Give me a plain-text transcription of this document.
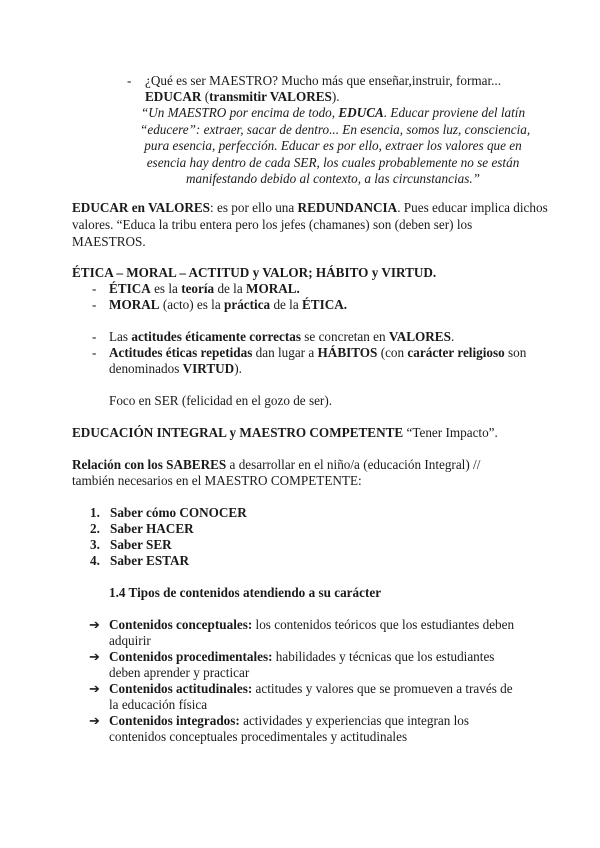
- ¿Qué es ser MAESTRO? Mucho más que enseñar,instruir, formar...
EDUCAR (transmitir VALORES).
“Un MAESTRO por encima de todo, EDUCA. Educar proviene del latín
“educere”: extraer, sacar de dentro... En esencia, somos luz, consciencia,
pura esencia, perfección. Educar es por ello, extraer los valores que en
esencia hay dentro de cada SER, los cuales probablemente no se están
manifestando debido al contexto, a las circunstancias.”
EDUCAR en VALORES: es por ello una REDUNDANCIA. Pues educar implica dichos
valores. “Educa la tribu entera pero los jefes (chamanes) son (deben ser) los
MAESTROS.
ÉTICA – MORAL – ACTITUD y VALOR; HÁBITO y VIRTUD.
- ÉTICA es la teoría de la MORAL.
- MORAL (acto) es la práctica de la ÉTICA.
- Las actitudes éticamente correctas se concretan en VALORES.
- Actitudes éticas repetidas dan lugar a HÁBITOS (con carácter religioso son
denominados VIRTUD).
Foco en SER (felicidad en el gozo de ser).
EDUCACIÓN INTEGRAL y MAESTRO COMPETENTE “Tener Impacto”.
Relación con los SABERES a desarrollar en el niño/a (educación Integral) //
también necesarios en el MAESTRO COMPETENTE:
1. Saber cómo CONOCER
2. Saber HACER
3. Saber SER
4. Saber ESTAR
1.4 Tipos de contenidos atendiendo a su carácter
➔ Contenidos conceptuales: los contenidos teóricos que los estudiantes deben
adquirir
➔ Contenidos procedimentales: habilidades y técnicas que los estudiantes
deben aprender y practicar
➔ Contenidos actitudinales: actitudes y valores que se promueven a través de
la educación física
➔ Contenidos integrados: actividades y experiencias que integran los
contenidos conceptuales procedimentales y actitudinales
